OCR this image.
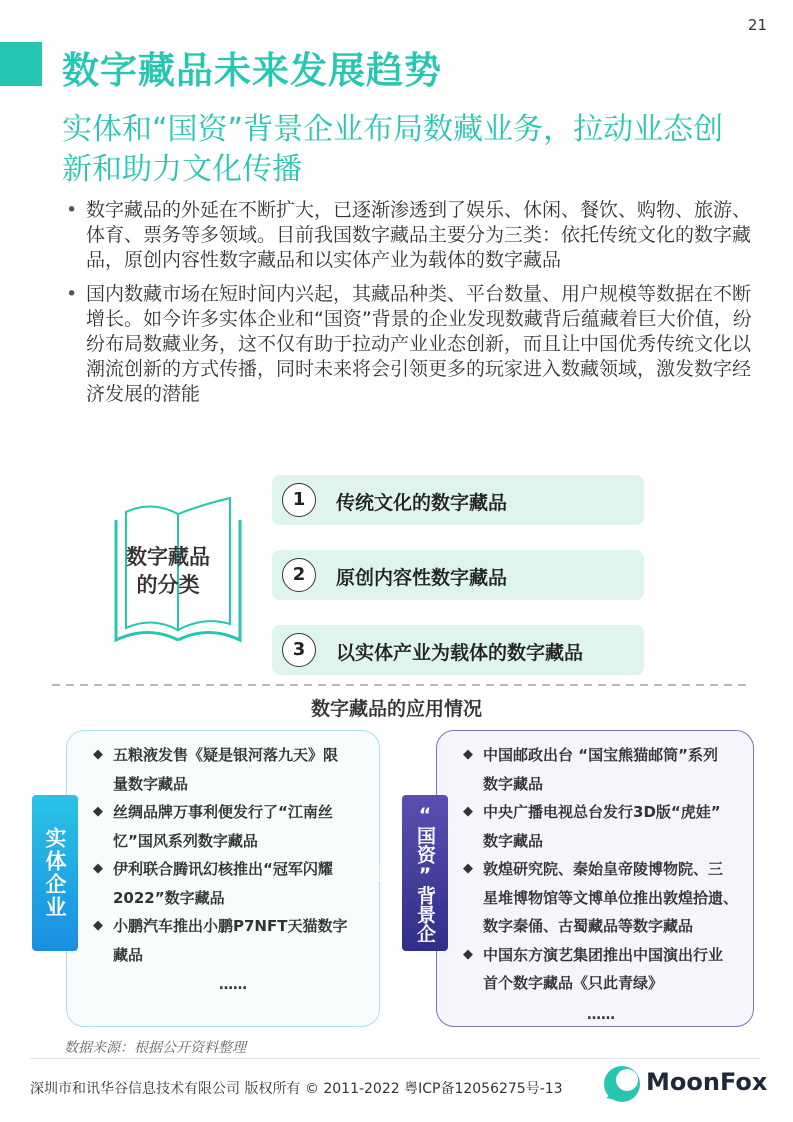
21
数字藏品未来发展趋势
实体和“国资”背景企业布局数藏业务，拉动业态创新和助力文化传播
• 数字藏品的外延在不断扩大，已逐渐渗透到了娱乐、休闲、餐饮、购物、旅游、体育、票务等多领域。目前我国数字藏品主要分为三类：依托传统文化的数字藏品，原创内容性数字藏品和以实体产业为载体的数字藏品
• 国内数藏市场在短时间内兴起，其藏品种类、平台数量、用户规模等数据在不断增长。如今许多实体企业和“国资”背景的企业发现数藏背后蕴藏着巨大价值，纷纷布局数藏业务，这不仅有助于拉动产业业态创新，而且让中国优秀传统文化以潮流创新的方式传播，同时未来将会引领更多的玩家进入数藏领域，激发数字经济发展的潜能
数字藏品
的分类
1	传统文化的数字藏品
2	原创内容性数字藏品
3	以实体产业为载体的数字藏品
数字藏品的应用情况
◆ 五粮液发售《疑是银河落九天》限
量数字藏品
◆ 丝绸品牌万事利便发行了“江南丝
忆”国风系列数字藏品
◆ 伊利联合腾讯幻核推出“冠军闪耀
2022”数字藏品
◆ 小鹏汽车推出小鹏P7NFT天猫数字
藏品
……
◆ 中国邮政出台 “国宝熊猫邮筒”系列
数字藏品
◆ 中央广播电视总台发行3D版“虎娃”
数字藏品
◆ 敦煌研究院、秦始皇帝陵博物院、三
星堆博物馆等文博单位推出敦煌拾遗、
数字秦俑、古蜀藏品等数字藏品
◆ 中国东方演艺集团推出中国演出行业
首个数字藏品《只此青绿》
……
实体企业	“国资”背景企业
数据来源：根据公开资料整理
深圳市和讯华谷信息技术有限公司 版权所有 © 2011-2022 粤ICP备12056275号-13	MoonFox
